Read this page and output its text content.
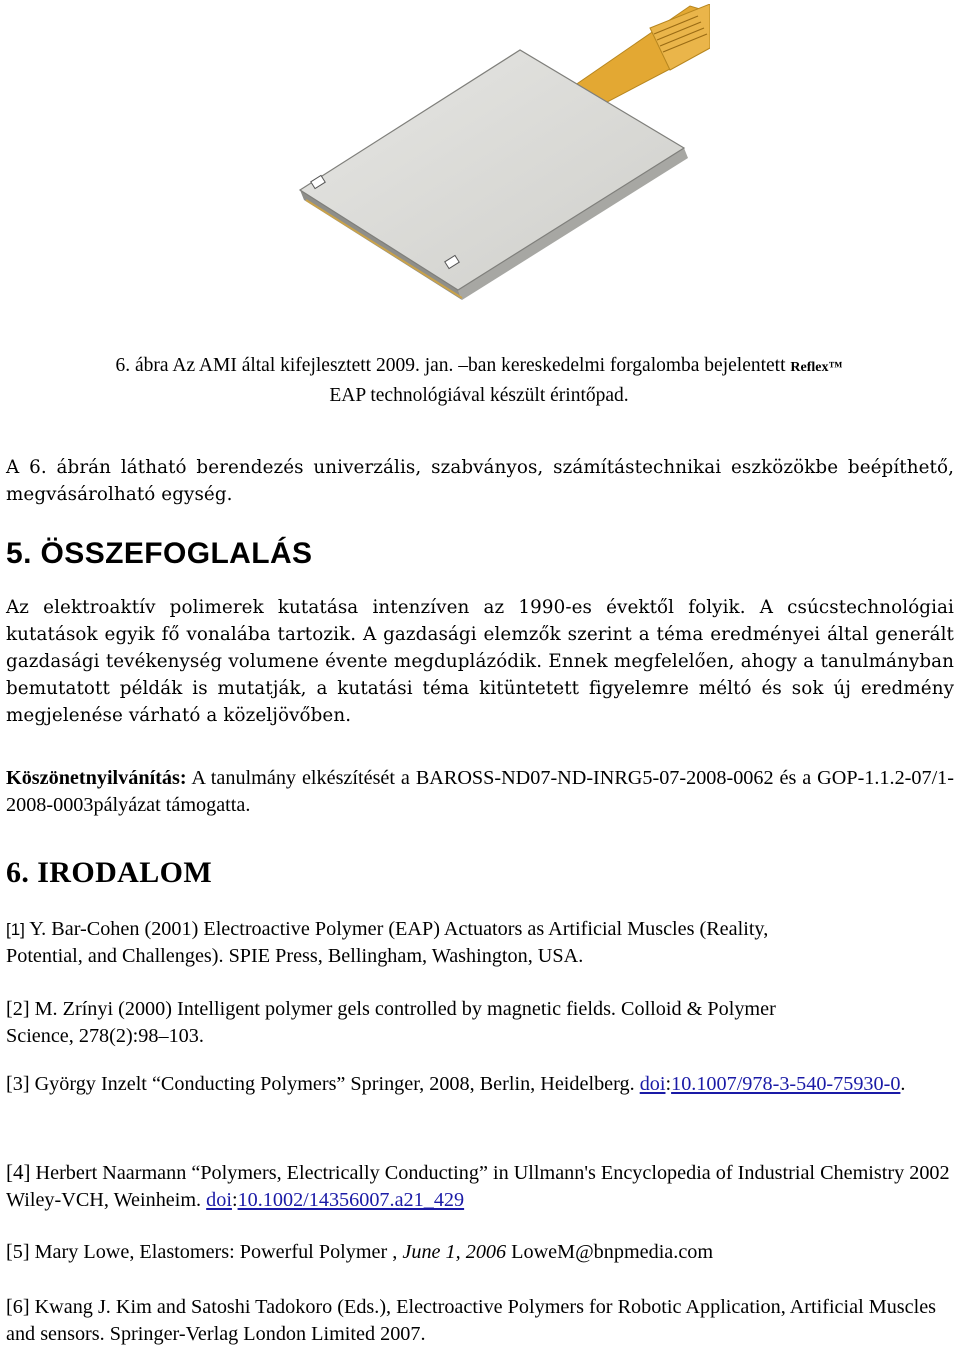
6. ábra Az AMI által kifejlesztett 2009. jan. –ban kereskedelmi forgalomba bejelentett Reflex™
EAP technológiával készült érintőpad.
A 6. ábrán látható berendezés univerzális, szabványos, számítástechnikai eszközökbe beépíthető, megvásárolható egység.
5. ÖSSZEFOGLALÁS
Az elektroaktív polimerek kutatása intenzíven az 1990-es évektől folyik. A csúcstechnológiai kutatások egyik fő vonalába tartozik. A gazdasági elemzők szerint a téma eredményei által generált gazdasági tevékenység volumene évente megduplázódik. Ennek megfelelően, ahogy a tanulmányban bemutatott példák is mutatják, a kutatási téma kitüntetett figyelemre méltó és sok új eredmény megjelenése várható a közeljövőben.
Köszönetnyilvánítás: A tanulmány elkészítését a BAROSS-ND07-ND-INRG5-07-2008-0062 és a GOP-1.1.2-07/1-2008-0003pályázat támogatta.
6. IRODALOM
[1] Y. Bar-Cohen (2001) Electroactive Polymer (EAP) Actuators as Artificial Muscles (Reality, Potential, and Challenges). SPIE Press, Bellingham, Washington, USA.
[2] M. Zrínyi (2000) Intelligent polymer gels controlled by magnetic fields. Colloid & Polymer Science, 278(2):98–103.
[3] György Inzelt “Conducting Polymers” Springer, 2008, Berlin, Heidelberg. doi:10.1007/978-3-540-75930-0.
[4] Herbert Naarmann “Polymers, Electrically Conducting” in Ullmann's Encyclopedia of Industrial Chemistry 2002 Wiley-VCH, Weinheim. doi:10.1002/14356007.a21_429
[5] Mary Lowe, Elastomers: Powerful Polymer , June 1, 2006 LoweM@bnpmedia.com
[6] Kwang J. Kim and Satoshi Tadokoro (Eds.), Electroactive Polymers for Robotic Application, Artificial Muscles and sensors. Springer-Verlag London Limited 2007.
